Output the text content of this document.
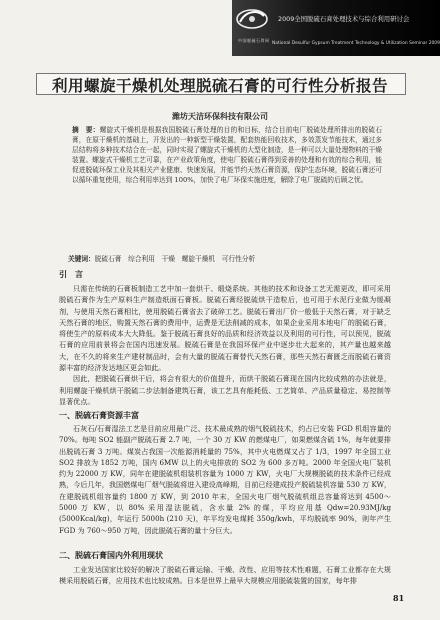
中国脱硫石膏网
2009全国脱硫石膏处理技术与综合利用研讨会
National Desulfur Gypsum Treatment Technology & Utilization Seminar 2009
利用螺旋干燥机处理脱硫石膏的可行性分析报告
潍坊天洁环保科技有限公司
摘　要：螺旋式干燥机是根据我国脱硫石膏处理的目的和目标，结合目前电厂脱硫处理所排出的脱硫石膏，在原干燥机的基础上，开发出的一种新型干燥装置，配套热能回收技术，多效蒸发节能技术，通过多层结构将多种技术结合在一起，同时实现了螺旋式干燥机的大型化制造，是一种可以大量处理物料的干燥装置。螺旋式干燥机工艺可靠，在产业政策角度，使电厂脱硫石膏得到妥善的处理和有效的综合利用，能促进脱硫环保工业及其相关产业健康、快速发展，并能节约天然石膏资源，保护生态环境，脱硫石膏还可以循环重复使用，综合利用率达到 100%，加快了电厂环保实施进度，解除了电厂脱硫的后顾之忧。
关键词：脱硫石膏　综合利用　干燥　螺旋干燥机　可行性分析
引　言

只需在传统的石膏板制造工艺中加一套烘干、煅烧系统。其他的技术和设备工艺无需更改，即可采用脱硫石膏作为生产原料生产制造纸面石膏板。脱硫石膏经脱硫烘干造粒后，也可用于水泥行业做为缓凝剂，与使用天然石膏相比，使用脱硫石膏省去了破碎工艺。脱硫石膏出厂价一般低于天然石膏，对于缺乏天然石膏的地区，购置天然石膏的费用中，运费是无法削减的成本，如果企业采用本地电厂的脱硫石膏，将使生产的原料成本大大降低。鉴于脱硫石膏良好的品质和经济效益以及利用的可行性，可以预见，脱硫石膏的应用前景将会在国内迅速发展。脱硫石膏是在我国环保产业中逐步壮大起来的，其产量也越来越大，在不久的将来生产建材制品时，会有大量的脱硫石膏替代天然石膏，那些天然石膏匮乏而脱硫石膏资源丰富的经济发达地区更会如此。

因此，把脱硫石膏烘干后，将会有很大的价值提升，而烘干脱硫石膏现在国内比较成熟的办法就是，利用螺旋干燥机烘干脱硫二步法制备建筑石膏，该工艺具有能耗低、工艺简单、产品质量稳定、易控制等显著优点。

一、脱硫石膏资源丰富

石灰石/石膏湿法工艺是目前应用最广泛、技术最成熟的烟气脱硫技术，约占已安装 FGD 机组容量的 70%。每吨 SO2 能副产脱硫石膏 2.7 吨，一个 30 万 KW 的燃煤电厂，如果燃煤含硫 1%，每年就要排出脱硫石膏 3 万吨。煤炭占我国一次能源消耗量的 75%，其中火电燃煤又占了 1/3，1997 年全国工业 SO2 排放为 1852 万吨，国内 6MW 以上的火电排放的 SO2 为 600 多万吨。2000 年全国火电厂装机约为 22000 万 KW，同年在建脱硫机组装机容量为 1000 万 KW，火电厂大规模脱硫的技术条件已经成熟，今后几年，我国燃煤电厂烟气脱硫将进入建设高峰期，目前已经建成投产脱硫装机容量 530 万 KW，在建脱硫机组容量约 1800 万 KW，到 2010 年末，全国火电厂烟气脱硫机组总容量将达到 4500～5000 万 KW，以 80% 采用湿法脱硫，含水量 2% 的煤，平均应用基 Qdw=20.93MJ/kg (5000Kcal/kg)，年运行 5000h (210 天)，年平均发电煤耗 350g/kwh，平均脱硫率 90%，则年产生 FGD 为 760～950 万吨，因此脱硫石膏的量十分巨大。

二、脱硫石膏国内外利用现状

工业发达国家比较好的解决了脱硫石膏运输、干燥、改性、应用等技术性难题，石膏工业都存在大规模采用脱硫石膏，应用技术也比较成熟。日本是世界上最早大规模应用脱硫装置的国家，每年排

81
